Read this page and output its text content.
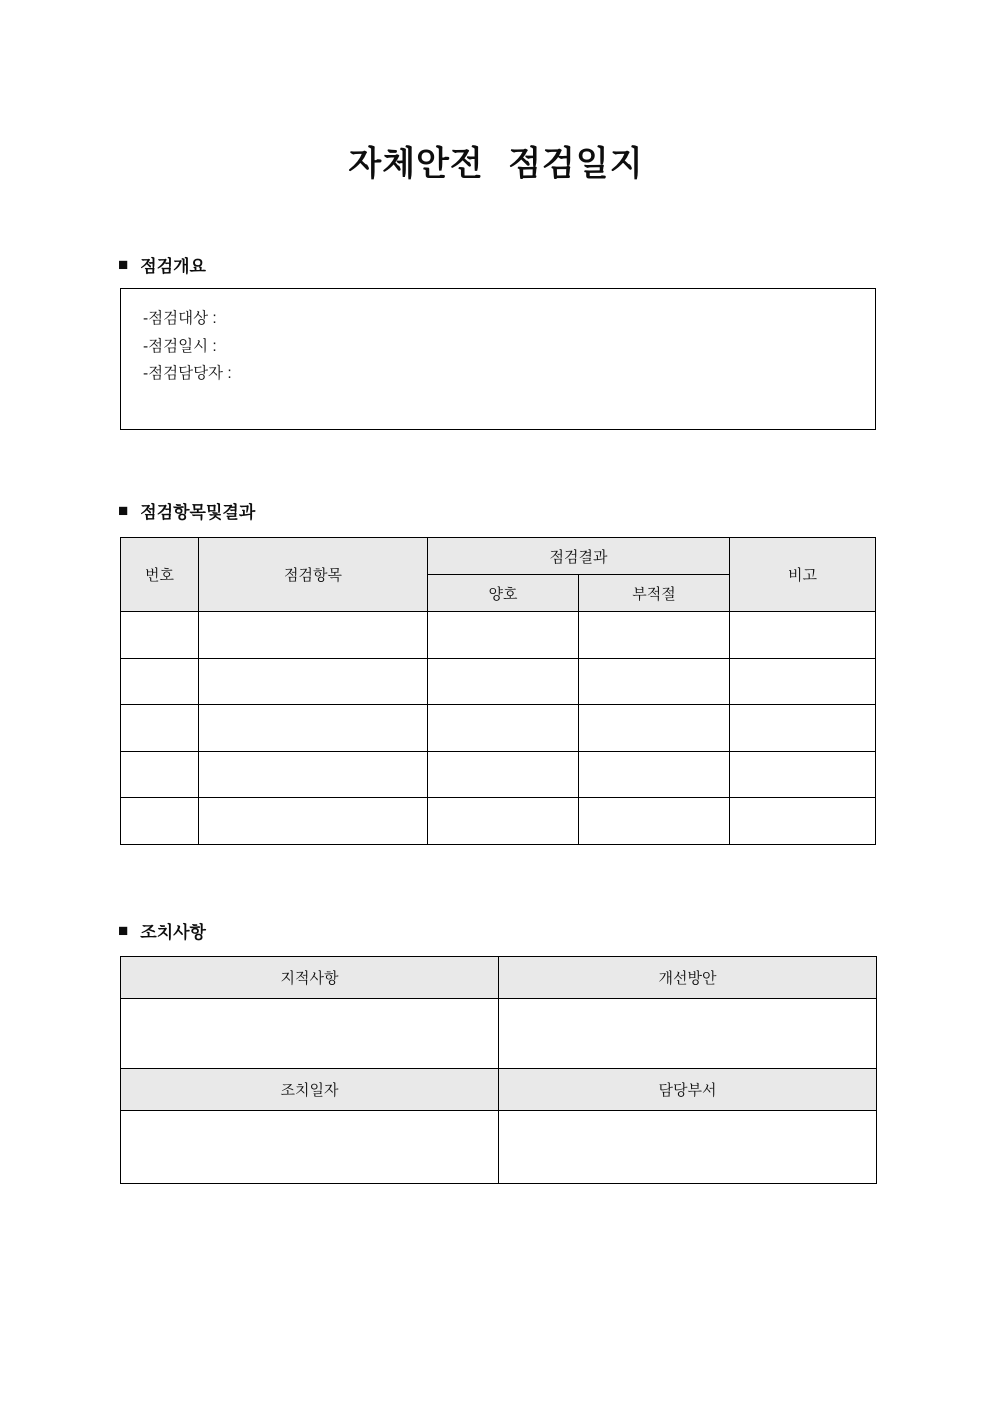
자체안전 점검일지
■ 점검개요
-점검대상 :
-점검일시 :
-점검담당자 :
■ 점검항목및결과
번호	점검항목	점검결과		비고
		양호	부적절	

■ 조치사항
지적사항	개선방안

조치일자	담당부서
